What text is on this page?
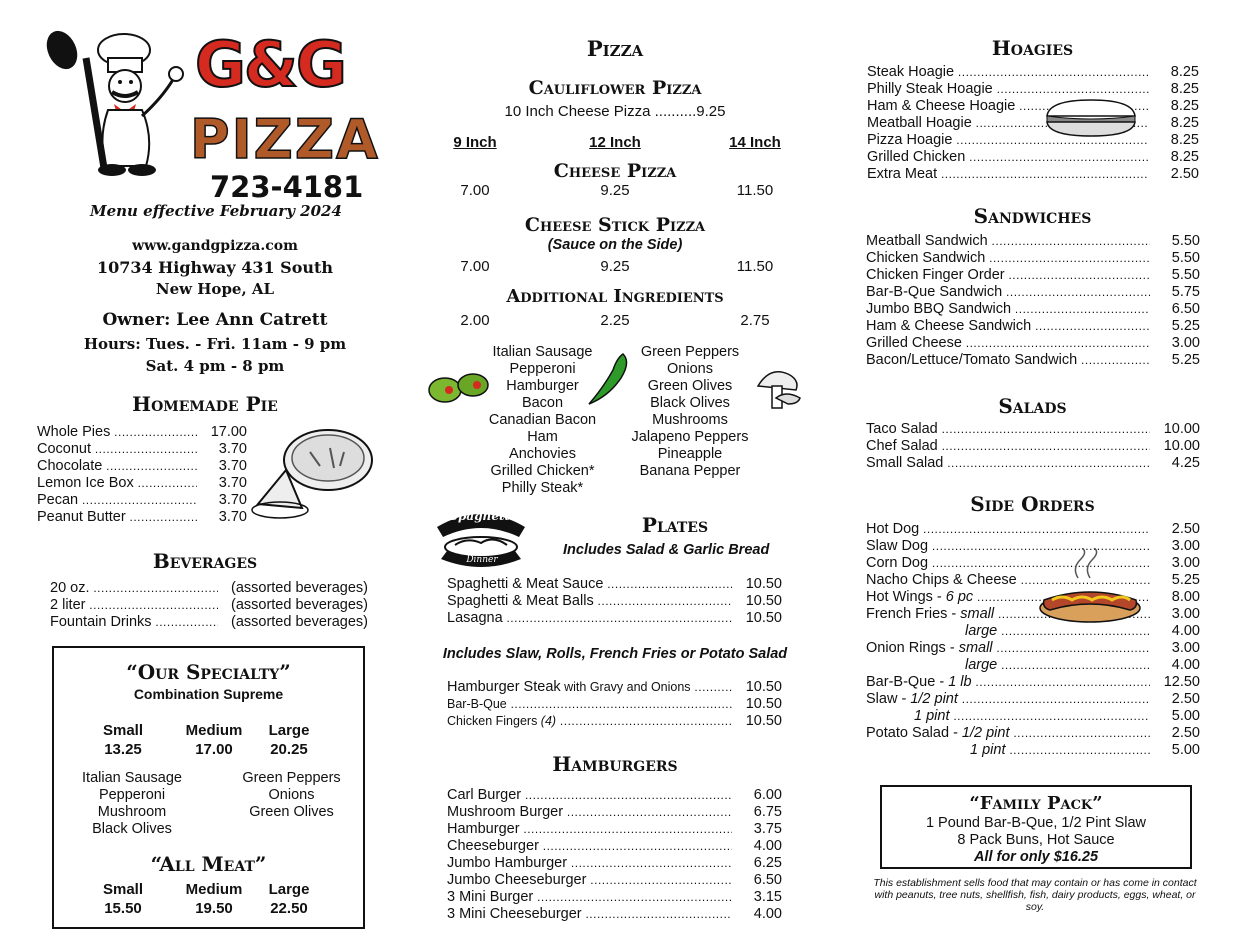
G&G
PIZZA
723-4181
Menu effective February 2024
www.gandgpizza.com
10734 Highway 431 South
New Hope, AL
Owner: Lee Ann Catrett
Hours: Tues. - Fri. 11am - 9 pm
Sat. 4 pm - 8 pm
Homemade Pie
Whole Pies .....	17.00
Coconut .....	3.70
Chocolate .....	3.70
Lemon Ice Box .....	3.70
Pecan .....	3.70
Peanut Butter .....	3.70
Beverages
20 oz. .....	(assorted beverages)
2 liter .....	(assorted beverages)
Fountain Drinks .....	(assorted beverages)
“Our Specialty”
Combination Supreme
Small	Medium	Large
13.25	17.00	20.25
Italian Sausage
Pepperoni
Mushroom
Black Olives
Green Peppers
Onions
Green Olives
“All Meat”
Small	Medium	Large
15.50	19.50	22.50
Pizza
Cauliflower Pizza
10 Inch Cheese Pizza ..........9.25
9 Inch	12 Inch	14 Inch
Cheese Pizza
7.00	9.25	11.50
Cheese Stick Pizza
(Sauce on the Side)
7.00	9.25	11.50
Additional Ingredients
2.00	2.25	2.75
Italian Sausage
Pepperoni
Hamburger
Bacon
Canadian Bacon
Ham
Anchovies
Grilled Chicken*
Philly Steak*
Green Peppers
Onions
Green Olives
Black Olives
Mushrooms
Jalapeno Peppers
Pineapple
Banana Pepper
Spaghetti
Dinner
Plates
Includes Salad & Garlic Bread
Spaghetti & Meat Sauce .....	10.50
Spaghetti & Meat Balls .....	10.50
Lasagna .....	10.50
Includes Slaw, Rolls, French Fries or Potato Salad
Hamburger Steak with Gravy and Onions .....	10.50
Bar-B-Que .....	10.50
Chicken Fingers (4) .....	10.50
Hamburgers
Carl Burger .....	6.00
Mushroom Burger .....	6.75
Hamburger .....	3.75
Cheeseburger .....	4.00
Jumbo Hamburger .....	6.25
Jumbo Cheeseburger .....	6.50
3 Mini Burger .....	3.15
3 Mini Cheeseburger .....	4.00
Hoagies
Steak Hoagie .....	8.25
Philly Steak Hoagie .....	8.25
Ham & Cheese Hoagie .....	8.25
Meatball Hoagie .....	8.25
Pizza Hoagie .....	8.25
Grilled Chicken .....	8.25
Extra Meat .....	2.50
Sandwiches
Meatball Sandwich .....	5.50
Chicken Sandwich .....	5.50
Chicken Finger Order .....	5.50
Bar-B-Que Sandwich .....	5.75
Jumbo BBQ Sandwich .....	6.50
Ham & Cheese Sandwich .....	5.25
Grilled Cheese .....	3.00
Bacon/Lettuce/Tomato Sandwich .....	5.25
Salads
Taco Salad .....	10.00
Chef Salad .....	10.00
Small Salad .....	4.25
Side Orders
Hot Dog .....	2.50
Slaw Dog .....	3.00
Corn Dog .....	3.00
Nacho Chips & Cheese .....	5.25
Hot Wings - 6 pc .....	8.00
French Fries - small .....	3.00
large .....	4.00
Onion Rings - small .....	3.00
large .....	4.00
Bar-B-Que - 1 lb .....	12.50
Slaw - 1/2 pint .....	2.50
1 pint .....	5.00
Potato Salad - 1/2 pint .....	2.50
1 pint .....	5.00
“Family Pack”
1 Pound Bar-B-Que, 1/2 Pint Slaw
8 Pack Buns, Hot Sauce
All for only $16.25
This establishment sells food that may contain or has come in contact with peanuts, tree nuts, shellfish, fish, dairy products, eggs, wheat, or soy.
